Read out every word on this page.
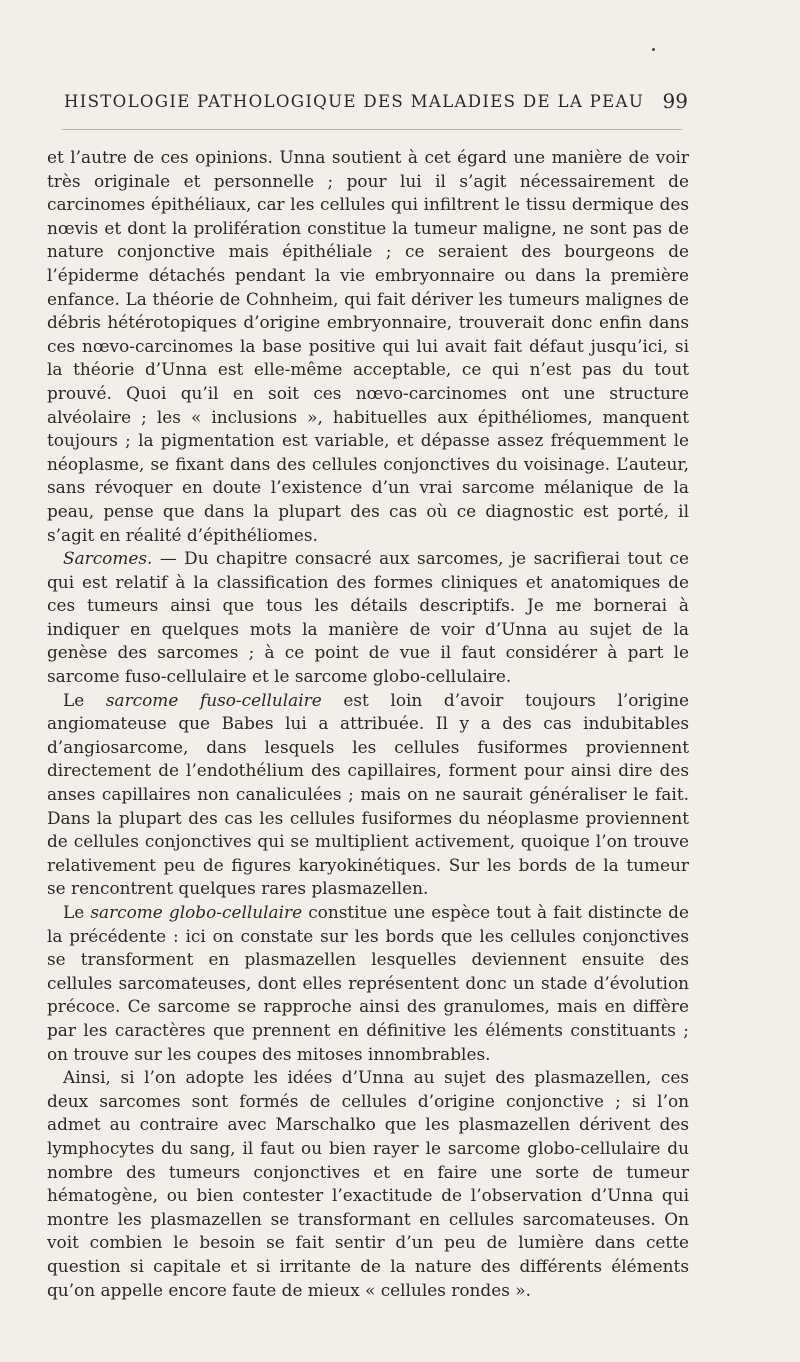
HISTOLOGIE PATHOLOGIQUE DES MALADIES DE LA PEAU 99

et l’autre de ces opinions. Unna soutient à cet égard une manière de voir très originale et personnelle ; pour lui il s’agit nécessairement de carcinomes épithéliaux, car les cellules qui infiltrent le tissu dermique des nœvis et dont la prolifération constitue la tumeur maligne, ne sont pas de nature conjonctive mais épithéliale ; ce seraient des bourgeons de l’épiderme détachés pendant la vie embryonnaire ou dans la première enfance. La théorie de Cohnheim, qui fait dériver les tumeurs malignes de débris hétérotopiques d’origine embryonnaire, trouverait donc enfin dans ces nœvo-carcinomes la base positive qui lui avait fait défaut jusqu’ici, si la théorie d’Unna est elle-même acceptable, ce qui n’est pas du tout prouvé. Quoi qu’il en soit ces nœvo-carcinomes ont une structure alvéolaire ; les « inclusions », habituelles aux épithéliomes, manquent toujours ; la pigmentation est variable, et dépasse assez fréquemment le néoplasme, se fixant dans des cellules conjonctives du voisinage. L’auteur, sans révoquer en doute l’existence d’un vrai sarcome mélanique de la peau, pense que dans la plupart des cas où ce diagnostic est porté, il s’agit en réalité d’épithéliomes.

Sarcomes. — Du chapitre consacré aux sarcomes, je sacrifierai tout ce qui est relatif à la classification des formes cliniques et anatomiques de ces tumeurs ainsi que tous les détails descriptifs. Je me bornerai à indiquer en quelques mots la manière de voir d’Unna au sujet de la genèse des sarcomes ; à ce point de vue il faut considérer à part le sarcome fuso-cellulaire et le sarcome globo-cellulaire.

Le sarcome fuso-cellulaire est loin d’avoir toujours l’origine angiomateuse que Babes lui a attribuée. Il y a des cas indubitables d’angiosarcome, dans lesquels les cellules fusiformes proviennent directement de l’endothélium des capillaires, forment pour ainsi dire des anses capillaires non canaliculées ; mais on ne saurait généraliser le fait. Dans la plupart des cas les cellules fusiformes du néoplasme proviennent de cellules conjonctives qui se multiplient activement, quoique l’on trouve relativement peu de figures karyokinétiques. Sur les bords de la tumeur se rencontrent quelques rares plasmazellen.

Le sarcome globo-cellulaire constitue une espèce tout à fait distincte de la précédente : ici on constate sur les bords que les cellules conjonctives se transforment en plasmazellen lesquelles deviennent ensuite des cellules sarcomateuses, dont elles représentent donc un stade d’évolution précoce. Ce sarcome se rapproche ainsi des granulomes, mais en diffère par les caractères que prennent en définitive les éléments constituants ; on trouve sur les coupes des mitoses innombrables.

Ainsi, si l’on adopte les idées d’Unna au sujet des plasmazellen, ces deux sarcomes sont formés de cellules d’origine conjonctive ; si l’on admet au contraire avec Marschalko que les plasmazellen dérivent des lymphocytes du sang, il faut ou bien rayer le sarcome globo-cellulaire du nombre des tumeurs conjonctives et en faire une sorte de tumeur hématogène, ou bien contester l’exactitude de l’observation d’Unna qui montre les plasmazellen se transformant en cellules sarcomateuses. On voit combien le besoin se fait sentir d’un peu de lumière dans cette question si capitale et si irritante de la nature des différents éléments qu’on appelle encore faute de mieux « cellules rondes ».
